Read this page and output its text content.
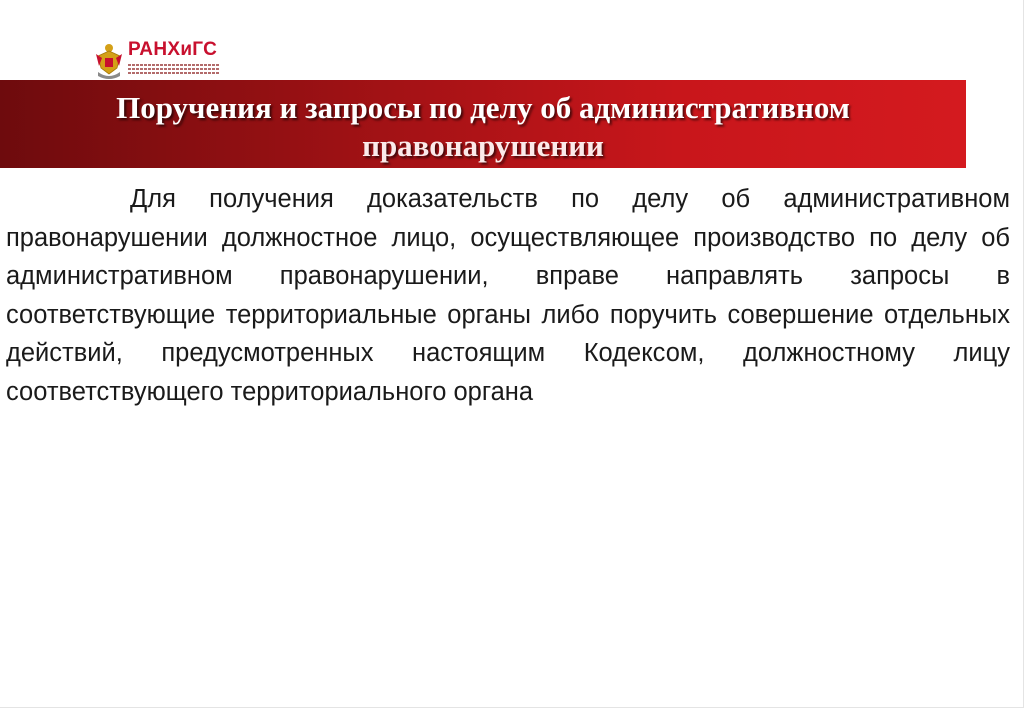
РАНХиГС
Поручения и запросы по делу об административном
правонарушении

Для получения доказательств по делу об административном правонарушении должностное лицо, осуществляющее производство по делу об административном правонарушении, вправе направлять запросы в соответствующие территориальные органы либо поручить совершение отдельных действий, предусмотренных настоящим Кодексом, должностному лицу соответствующего территориального органа
